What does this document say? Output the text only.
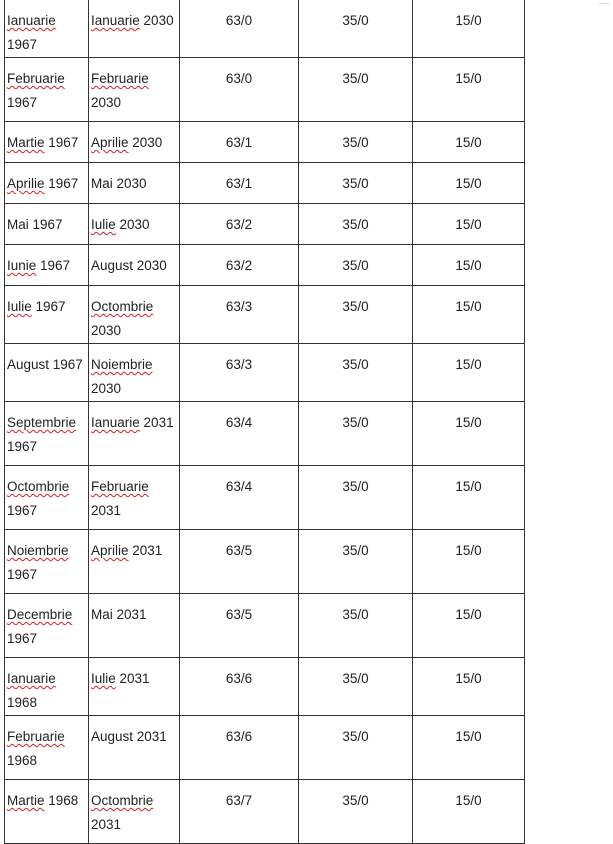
Ianuarie 1967	Ianuarie 2030	63/0	35/0	15/0
Februarie 1967	Februarie 2030	63/0	35/0	15/0
Martie 1967	Aprilie 2030	63/1	35/0	15/0
Aprilie 1967	Mai 2030	63/1	35/0	15/0
Mai 1967	Iulie 2030	63/2	35/0	15/0
Iunie 1967	August 2030	63/2	35/0	15/0
Iulie 1967	Octombrie 2030	63/3	35/0	15/0
August 1967	Noiembrie 2030	63/3	35/0	15/0
Septembrie 1967	Ianuarie 2031	63/4	35/0	15/0
Octombrie 1967	Februarie 2031	63/4	35/0	15/0
Noiembrie 1967	Aprilie 2031	63/5	35/0	15/0
Decembrie 1967	Mai 2031	63/5	35/0	15/0
Ianuarie 1968	Iulie 2031	63/6	35/0	15/0
Februarie 1968	August 2031	63/6	35/0	15/0
Martie 1968	Octombrie 2031	63/7	35/0	15/0
